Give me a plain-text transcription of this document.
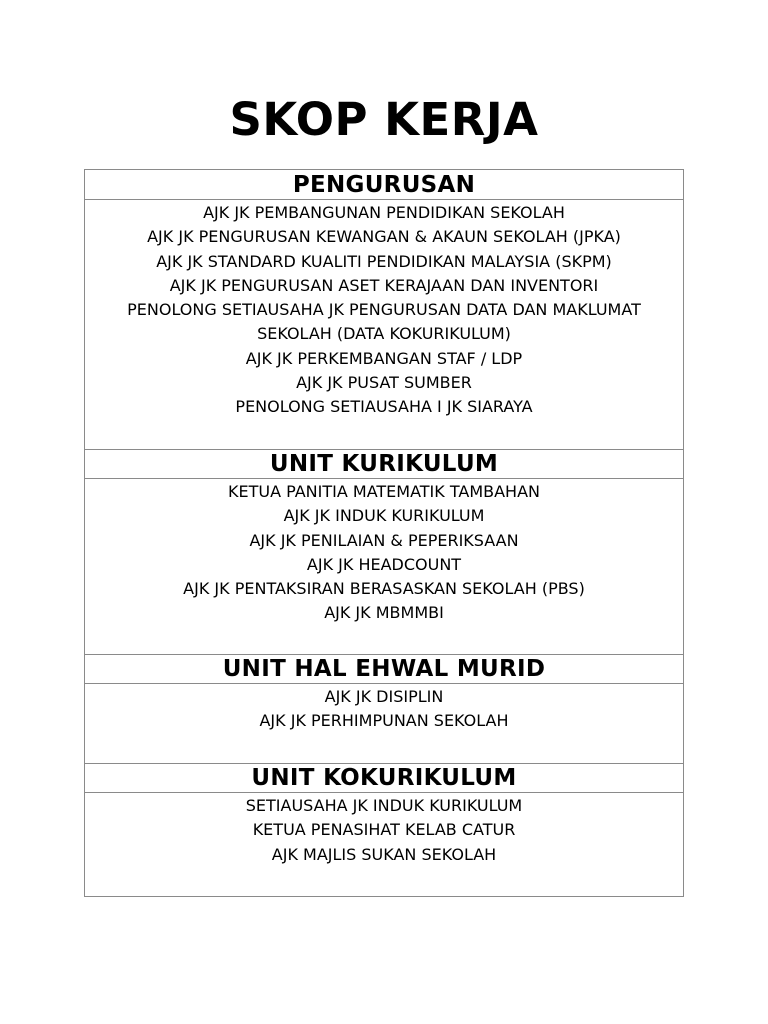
SKOP KERJA
PENGURUSAN
AJK JK PEMBANGUNAN PENDIDIKAN SEKOLAH
AJK JK PENGURUSAN KEWANGAN & AKAUN SEKOLAH (JPKA)
AJK JK STANDARD KUALITI PENDIDIKAN MALAYSIA (SKPM)
AJK JK PENGURUSAN ASET KERAJAAN DAN INVENTORI
PENOLONG SETIAUSAHA JK PENGURUSAN DATA DAN MAKLUMAT
SEKOLAH (DATA KOKURIKULUM)
AJK JK PERKEMBANGAN STAF / LDP
AJK JK PUSAT SUMBER
PENOLONG SETIAUSAHA I JK SIARAYA
UNIT KURIKULUM
KETUA PANITIA MATEMATIK TAMBAHAN
AJK JK INDUK KURIKULUM
AJK JK PENILAIAN & PEPERIKSAAN
AJK JK HEADCOUNT
AJK JK PENTAKSIRAN BERASASKAN SEKOLAH (PBS)
AJK JK MBMMBI
UNIT HAL EHWAL MURID
AJK JK DISIPLIN
AJK JK PERHIMPUNAN SEKOLAH
UNIT KOKURIKULUM
SETIAUSAHA JK INDUK KURIKULUM
KETUA PENASIHAT KELAB CATUR
AJK MAJLIS SUKAN SEKOLAH
